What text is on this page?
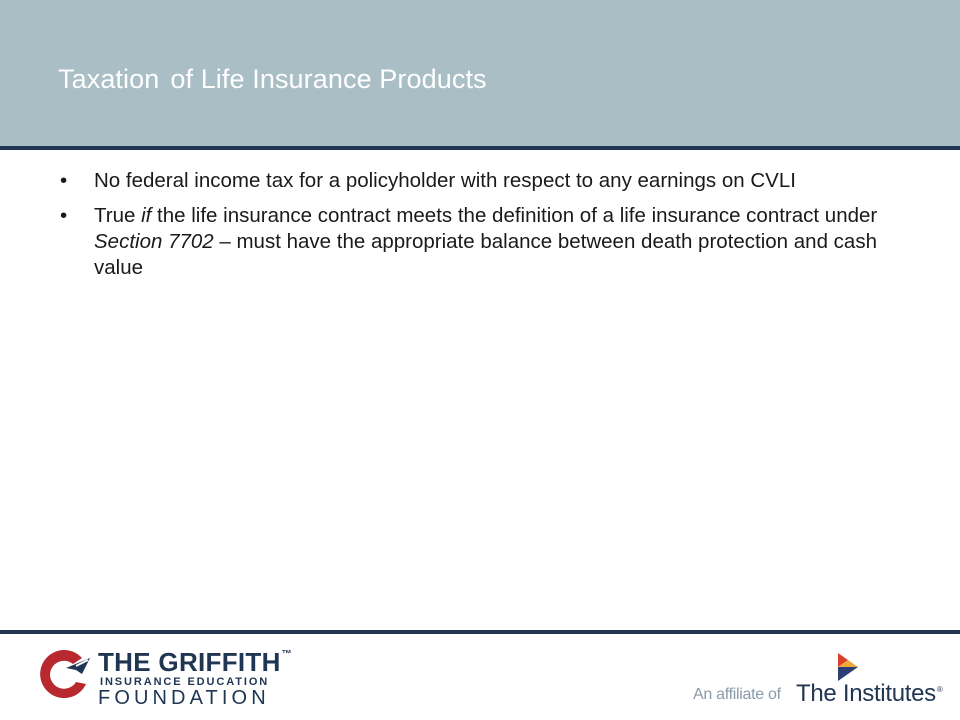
Taxation of Life Insurance Products
• No federal income tax for a policyholder with respect to any earnings on CVLI
• True if the life insurance contract meets the definition of a life insurance contract under Section 7702 – must have the appropriate balance between death protection and cash value
THE GRIFFITH™
INSURANCE EDUCATION
FOUNDATION	An affiliate of The Institutes®
